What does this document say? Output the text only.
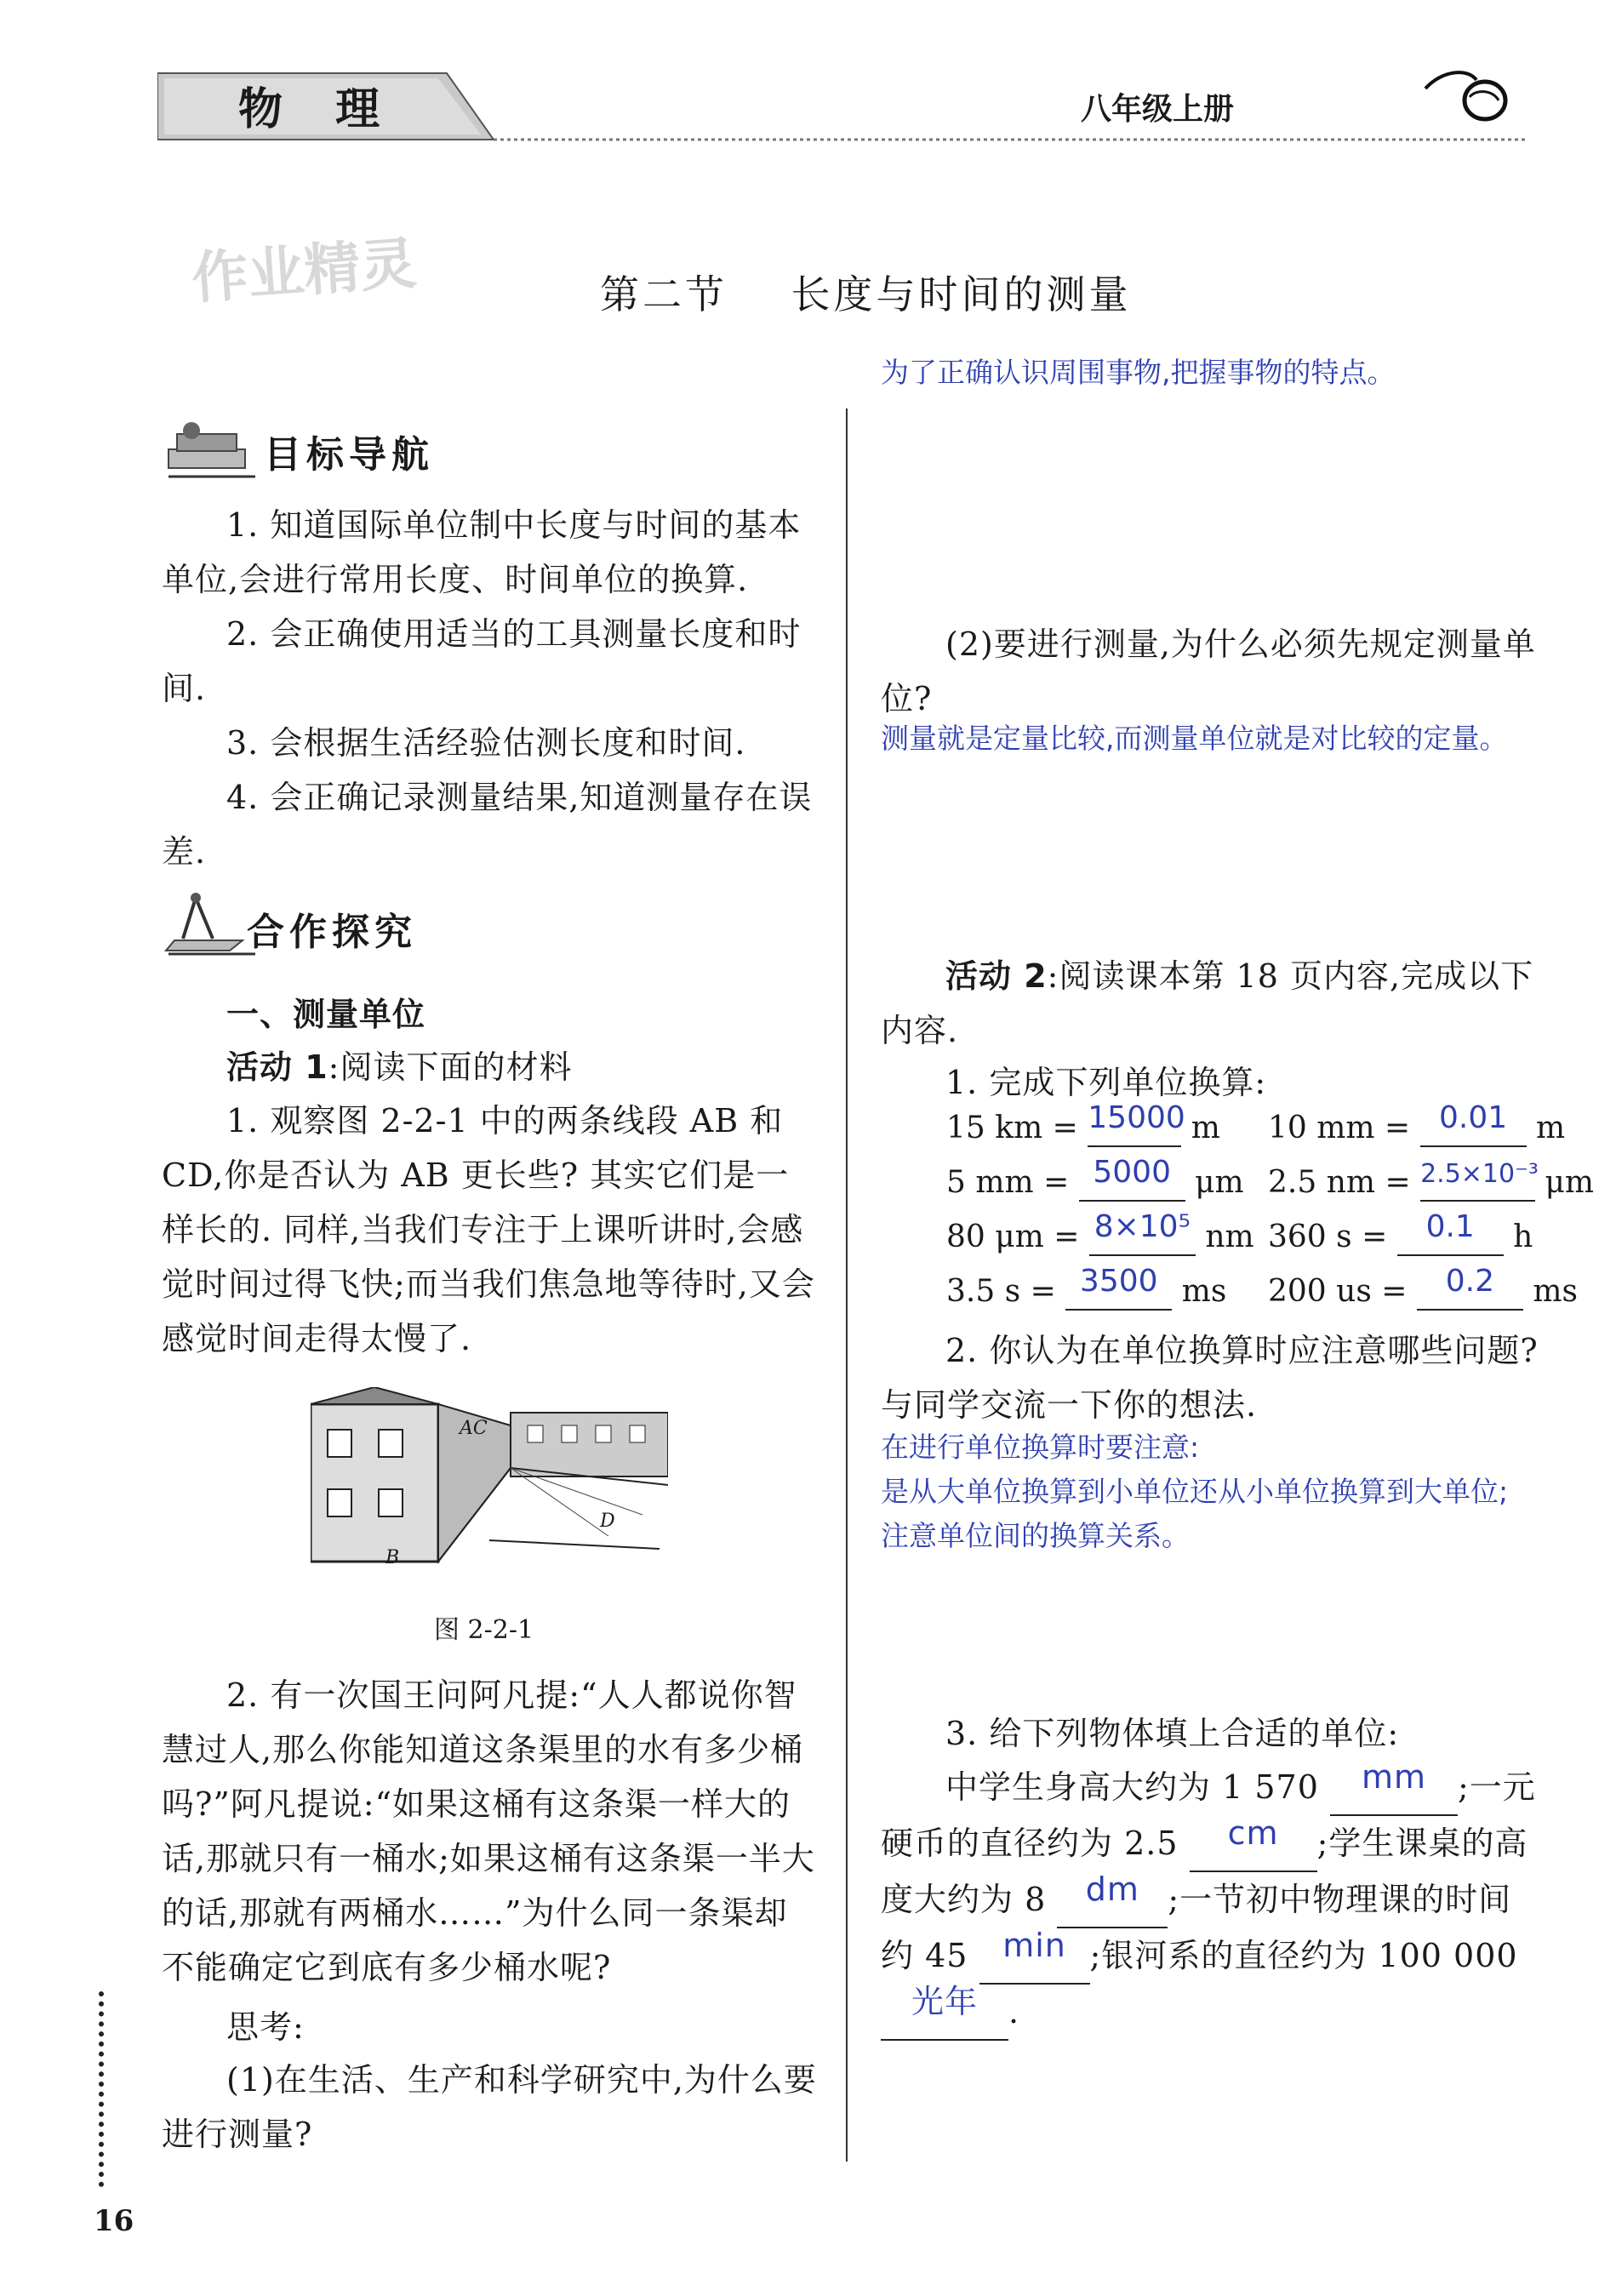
物 理	八年级上册
作业精灵	第二节    长度与时间的测量
目标导航
1. 知道国际单位制中长度与时间的基本单位,会进行常用长度、时间单位的换算.
2. 会正确使用适当的工具测量长度和时间.
3. 会根据生活经验估测长度和时间.
4. 会正确记录测量结果,知道测量存在误差.
合作探究
一、测量单位
活动 1:阅读下面的材料
1. 观察图 2-2-1 中的两条线段 AB 和 CD,你是否认为 AB 更长些? 其实它们是一样长的. 同样,当我们专注于上课听讲时,会感觉时间过得飞快;而当我们焦急地等待时,又会感觉时间走得太慢了.
AC
D
B
图 2-2-1
2. 有一次国王问阿凡提:“人人都说你智慧过人,那么你能知道这条渠里的水有多少桶吗?”阿凡提说:“如果这桶有这条渠一样大的话,那就只有一桶水;如果这桶有这条渠一半大的话,那就有两桶水……”为什么同一条渠却不能确定它到底有多少桶水呢?
思考:
(1)在生活、生产和科学研究中,为什么要进行测量?
16
为了正确认识周围事物,把握事物的特点。
(2)要进行测量,为什么必须先规定测量单位?
测量就是定量比较,而测量单位就是对比较的定量。
活动 2:阅读课本第 18 页内容,完成以下内容.
1. 完成下列单位换算:
15 km = 15000 m 10 mm = 0.01 m
5 mm = 5000 μm 2.5 nm = $^{2.5\times 10^{-3}}$ μm
80 μm = 8×10⁵ nm 360 s = 0.1 h
3.5 s = 3500 ms 200 us = 0.2 ms
2. 你认为在单位换算时应注意哪些问题? 与同学交流一下你的想法.
在进行单位换算时要注意:
是从大单位换算到小单位还从小单位换算到大单位;
注意单位间的换算关系。
3. 给下列物体填上合适的单位:
中学生身高大约为 1 570 mm ;一元硬币的直径约为 2.5 cm ;学生课桌的高度大约为 8 dm ;一节初中物理课的时间约 45 min ;银河系的直径约为 100 000 光年 .
